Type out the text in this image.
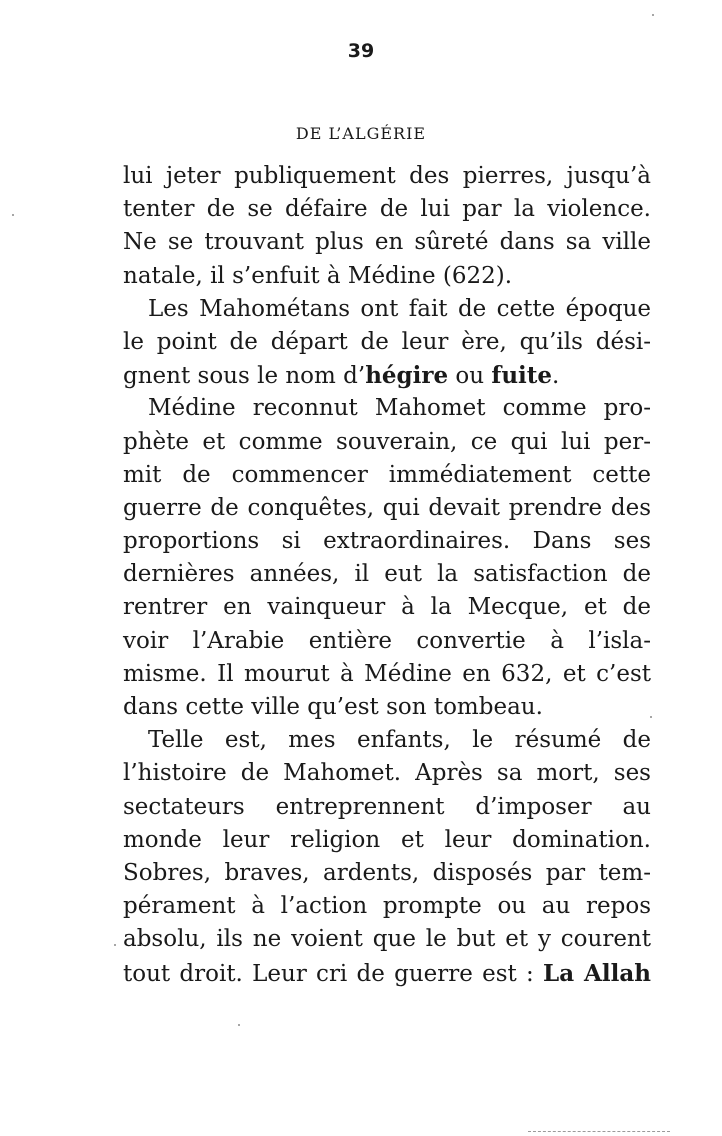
39
DE L’ALGÉRIE
lui jeter publiquement des pierres, jusqu’à
tenter de se défaire de lui par la violence.
Ne se trouvant plus en sûreté dans sa ville
natale, il s’enfuit à Médine (622).
Les Mahométans ont fait de cette époque
le point de départ de leur ère, qu’ils dési-
gnent sous le nom d’hégire ou fuite.
Médine reconnut Mahomet comme pro-
phète et comme souverain, ce qui lui per-
mit de commencer immédiatement cette
guerre de conquêtes, qui devait prendre des
proportions si extraordinaires. Dans ses
dernières années, il eut la satisfaction de
rentrer en vainqueur à la Mecque, et de
voir l’Arabie entière convertie à l’isla-
misme. Il mourut à Médine en 632, et c’est
dans cette ville qu’est son tombeau.
Telle est, mes enfants, le résumé de
l’histoire de Mahomet. Après sa mort, ses
sectateurs entreprennent d’imposer au
monde leur religion et leur domination.
Sobres, braves, ardents, disposés par tem-
pérament à l’action prompte ou au repos
absolu, ils ne voient que le but et y courent
tout droit. Leur cri de guerre est : La Allah
